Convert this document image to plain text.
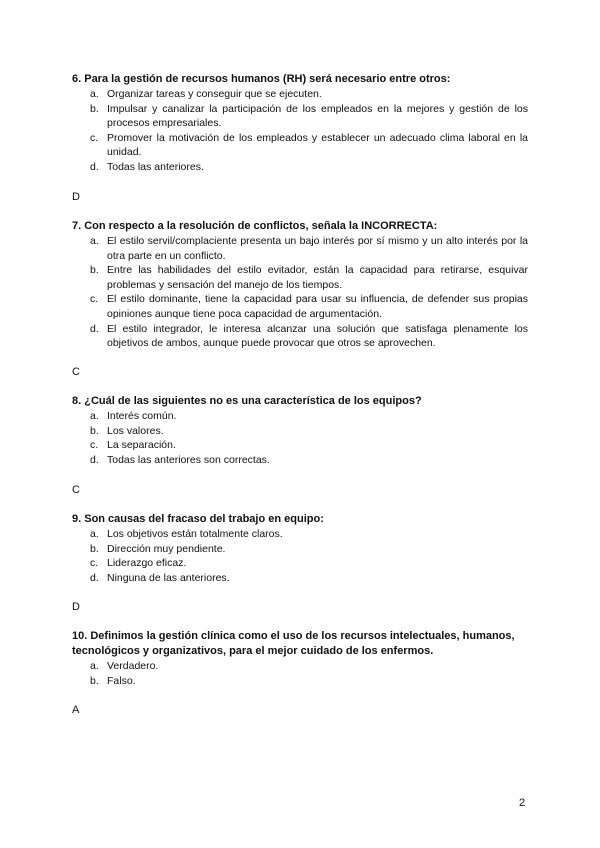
6. Para la gestión de recursos humanos (RH) será necesario entre otros:

a. Organizar tareas y conseguir que se ejecuten.
b. Impulsar y canalizar la participación de los empleados en la mejores y gestión de los procesos empresariales.
c. Promover la motivación de los empleados y establecer un adecuado clima laboral en la unidad.
d. Todas las anteriores.
D

7. Con respecto a la resolución de conflictos, señala la INCORRECTA:

a. El estilo servil/complaciente presenta un bajo interés por sí mismo y un alto interés por la otra parte en un conflicto.
b. Entre las habilidades del estilo evitador, están la capacidad para retirarse, esquivar problemas y sensación del manejo de los tiempos.
c. El estilo dominante, tiene la capacidad para usar su influencia, de defender sus propias opiniones aunque tiene poca capacidad de argumentación.
d. El estilo integrador, le interesa alcanzar una solución que satisfaga plenamente los objetivos de ambos, aunque puede provocar que otros se aprovechen.
C

8. ¿Cuál de las siguientes no es una característica de los equipos?

a. Interés común.
b. Los valores.
c. La separación.
d. Todas las anteriores son correctas.
C

9. Son causas del fracaso del trabajo en equipo:

a. Los objetivos están totalmente claros.
b. Dirección muy pendiente.
c. Liderazgo eficaz.
d. Ninguna de las anteriores.
D

10. Definimos la gestión clínica como el uso de los recursos intelectuales, humanos, tecnológicos y organizativos, para el mejor cuidado de los enfermos.

a. Verdadero.
b. Falso.
A
2
